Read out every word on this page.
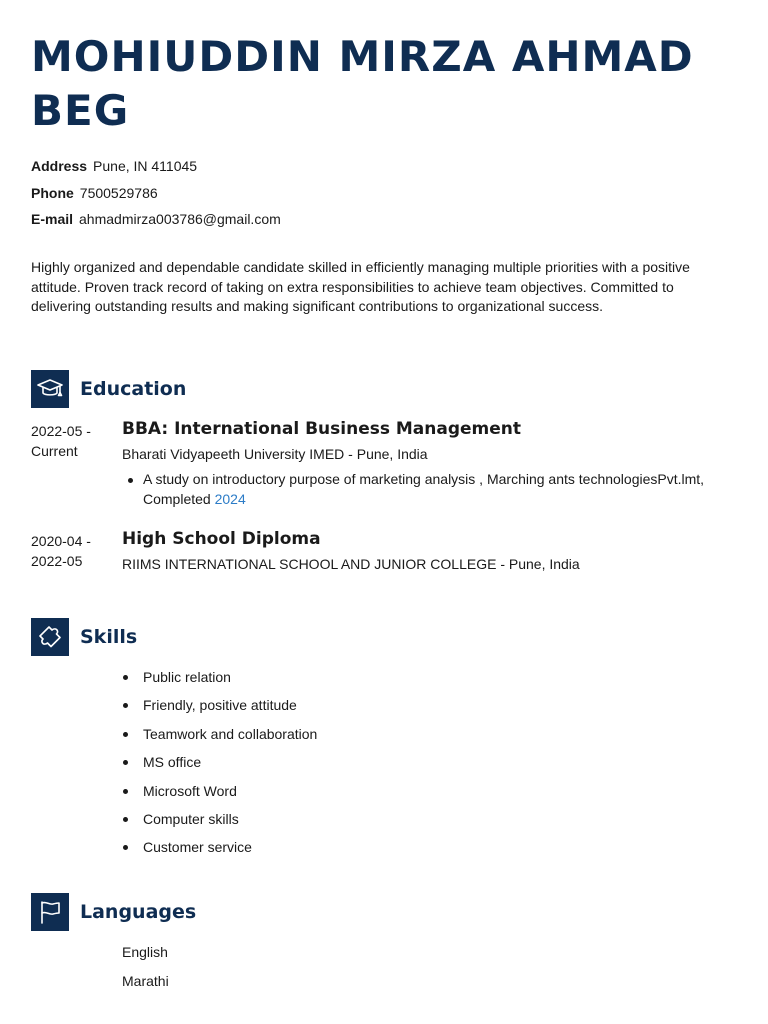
MOHIUDDIN MIRZA AHMAD BEG
Address Pune, IN 411045
Phone 7500529786
E-mail ahmadmirza003786@gmail.com

Highly organized and dependable candidate skilled in efficiently managing multiple priorities with a positive attitude. Proven track record of taking on extra responsibilities to achieve team objectives. Committed to delivering outstanding results and making significant contributions to organizational success.

Education
2022-05 -
Current
BBA: International Business Management
Bharati Vidyapeeth University IMED - Pune, India
A study on introductory purpose of marketing analysis , Marching ants technologiesPvt.lmt, Completed 2024
2020-04 -
2022-05
High School Diploma
RIIMS INTERNATIONAL SCHOOL AND JUNIOR COLLEGE - Pune, India
Skills
Public relation
Friendly, positive attitude
Teamwork and collaboration
MS office
Microsoft Word
Computer skills
Customer service
Languages
English
Marathi
